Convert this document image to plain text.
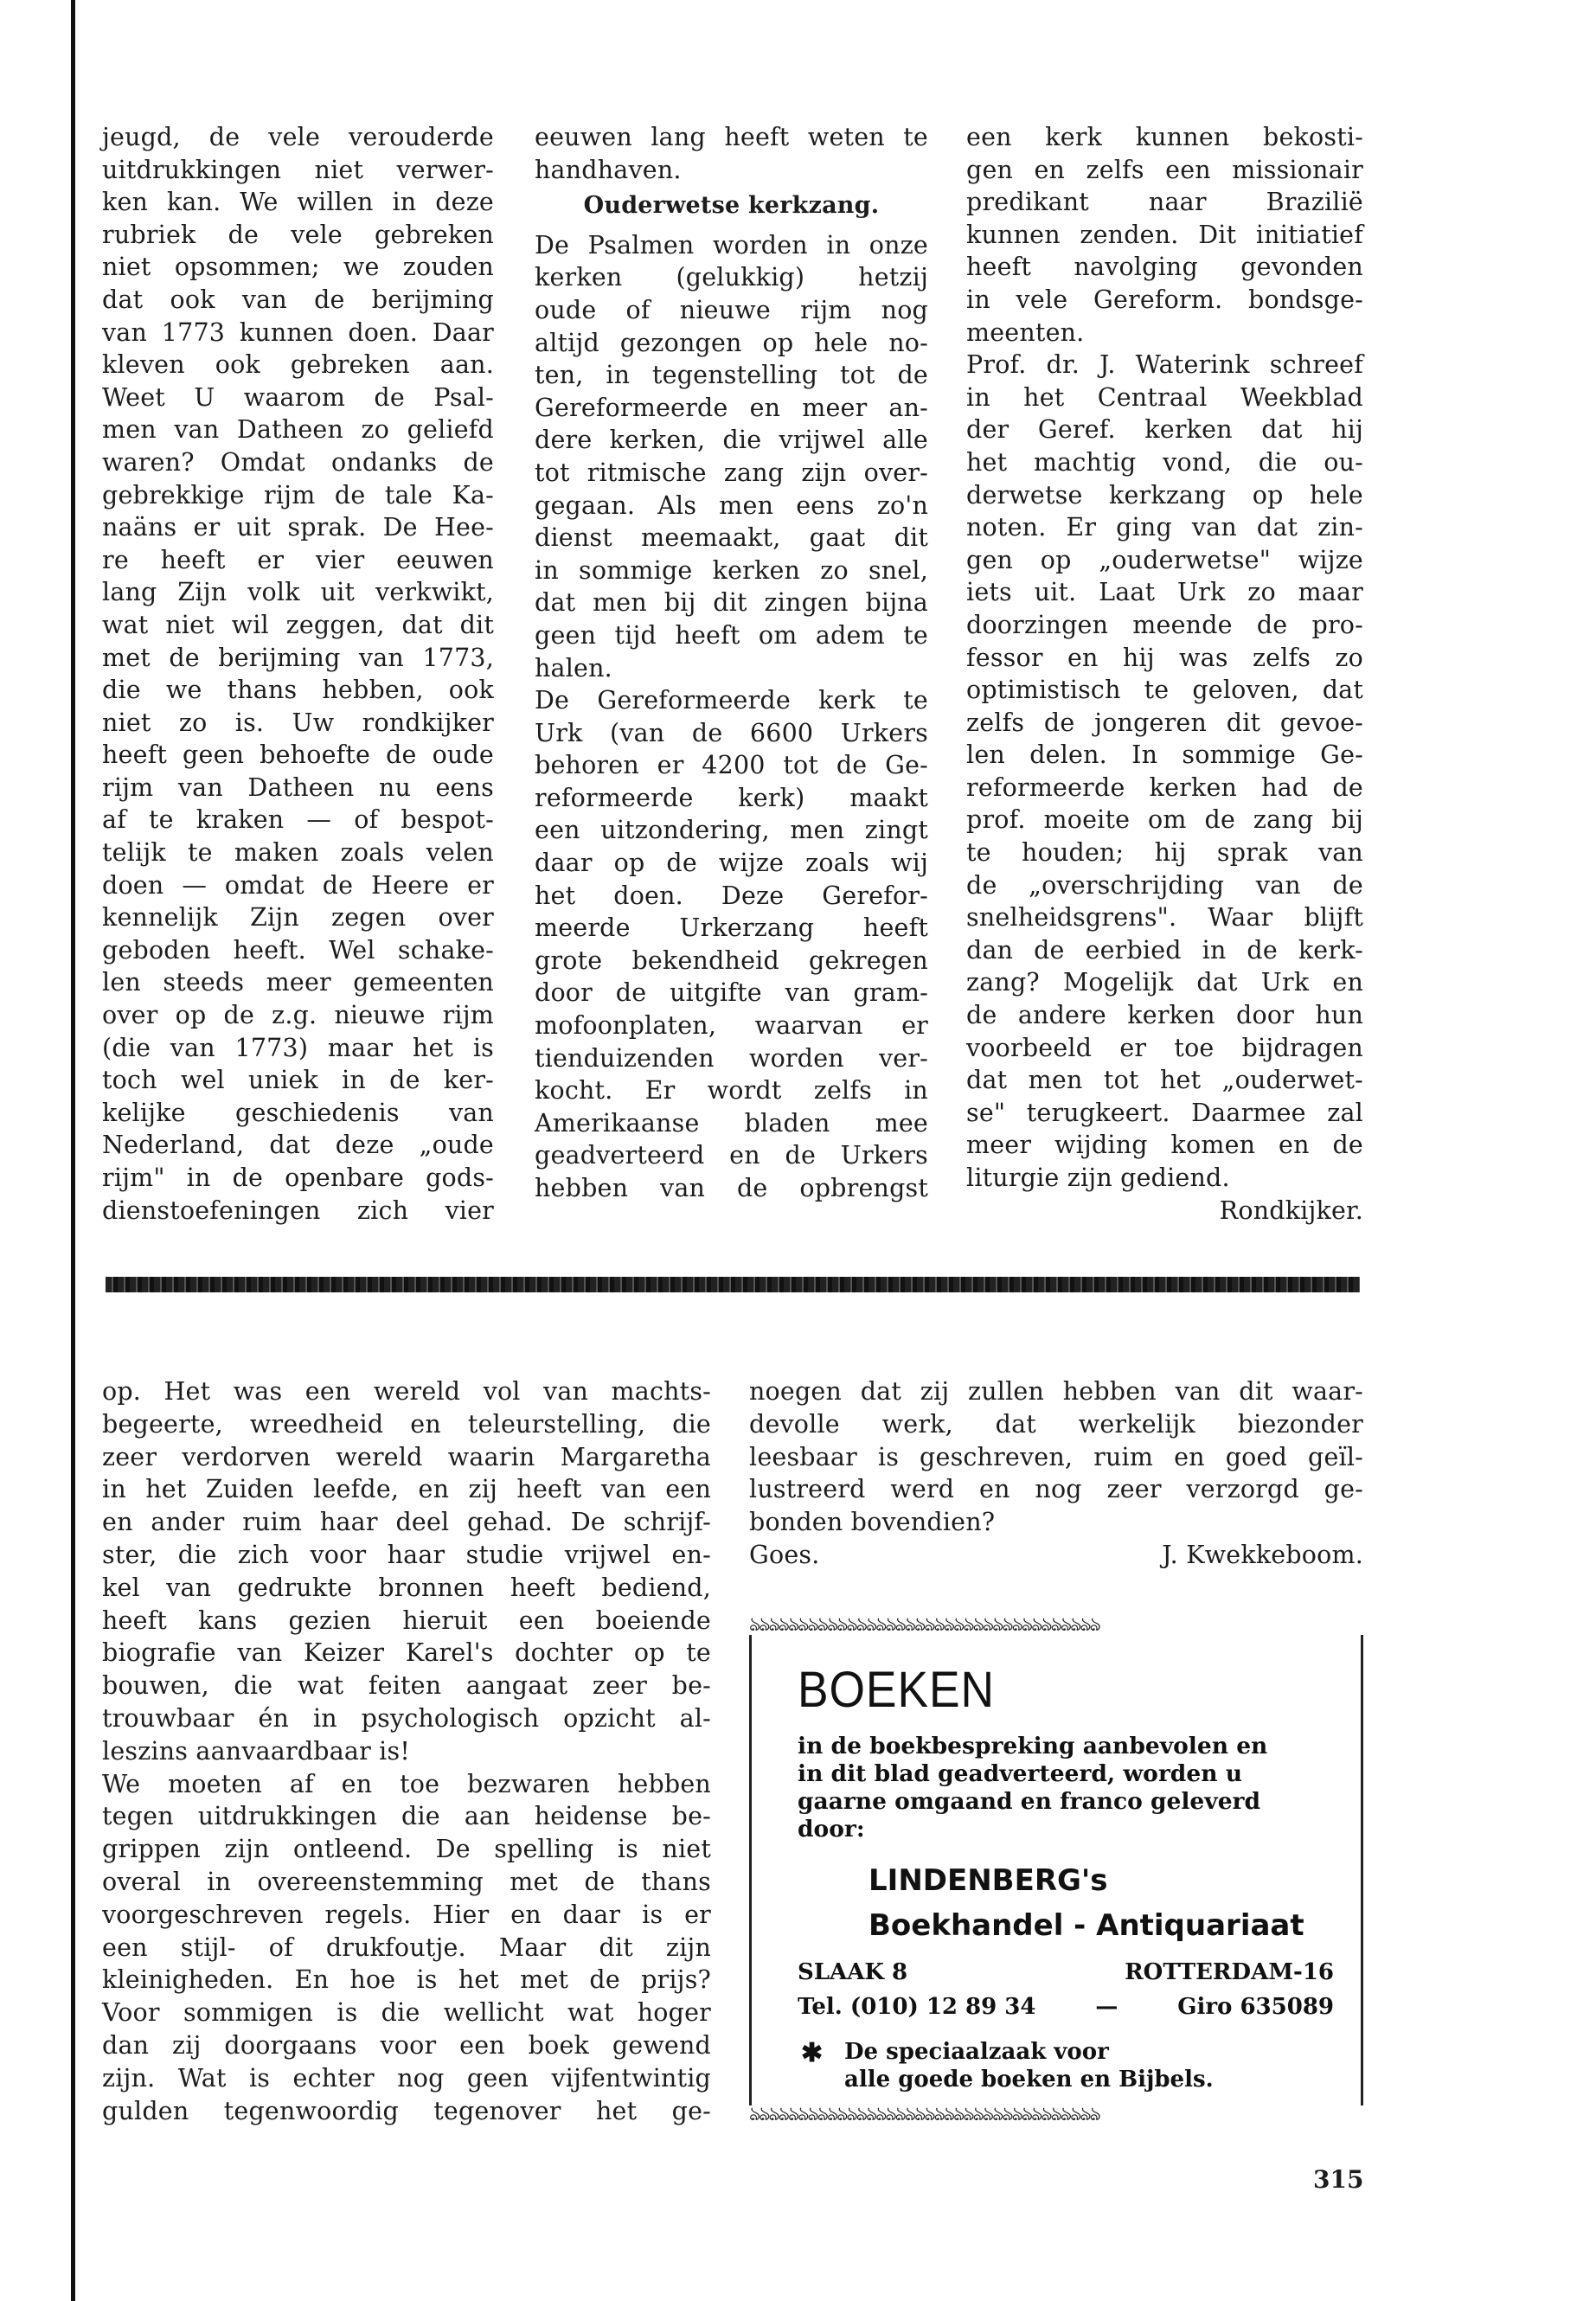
jeugd, de vele verouderde
uitdrukkingen niet verwer-
ken kan. We willen in deze
rubriek de vele gebreken
niet opsommen; we zouden
dat ook van de berijming
van 1773 kunnen doen. Daar
kleven ook gebreken aan.
Weet U waarom de Psal-
men van Datheen zo geliefd
waren? Omdat ondanks de
gebrekkige rijm de tale Ka-
naäns er uit sprak. De Hee-
re heeft er vier eeuwen
lang Zijn volk uit verkwikt,
wat niet wil zeggen, dat dit
met de berijming van 1773,
die we thans hebben, ook
niet zo is. Uw rondkijker
heeft geen behoefte de oude
rijm van Datheen nu eens
af te kraken — of bespot-
telijk te maken zoals velen
doen — omdat de Heere er
kennelijk Zijn zegen over
geboden heeft. Wel schake-
len steeds meer gemeenten
over op de z.g. nieuwe rijm
(die van 1773) maar het is
toch wel uniek in de ker-
kelijke geschiedenis van
Nederland, dat deze „oude
rijm" in de openbare gods-
dienstoefeningen zich vier
eeuwen lang heeft weten te
handhaven.
Ouderwetse kerkzang.
De Psalmen worden in onze
kerken (gelukkig) hetzij
oude of nieuwe rijm nog
altijd gezongen op hele no-
ten, in tegenstelling tot de
Gereformeerde en meer an-
dere kerken, die vrijwel alle
tot ritmische zang zijn over-
gegaan. Als men eens zo'n
dienst meemaakt, gaat dit
in sommige kerken zo snel,
dat men bij dit zingen bijna
geen tijd heeft om adem te
halen.
De Gereformeerde kerk te
Urk (van de 6600 Urkers
behoren er 4200 tot de Ge-
reformeerde kerk) maakt
een uitzondering, men zingt
daar op de wijze zoals wij
het doen. Deze Gerefor-
meerde Urkerzang heeft
grote bekendheid gekregen
door de uitgifte van gram-
mofoonplaten, waarvan er
tienduizenden worden ver-
kocht. Er wordt zelfs in
Amerikaanse bladen mee
geadverteerd en de Urkers
hebben van de opbrengst
een kerk kunnen bekosti-
gen en zelfs een missionair
predikant naar Brazilië
kunnen zenden. Dit initiatief
heeft navolging gevonden
in vele Gereform. bondsge-
meenten.
Prof. dr. J. Waterink schreef
in het Centraal Weekblad
der Geref. kerken dat hij
het machtig vond, die ou-
derwetse kerkzang op hele
noten. Er ging van dat zin-
gen op „ouderwetse" wijze
iets uit. Laat Urk zo maar
doorzingen meende de pro-
fessor en hij was zelfs zo
optimistisch te geloven, dat
zelfs de jongeren dit gevoe-
len delen. In sommige Ge-
reformeerde kerken had de
prof. moeite om de zang bij
te houden; hij sprak van
de „overschrijding van de
snelheidsgrens". Waar blijft
dan de eerbied in de kerk-
zang? Mogelijk dat Urk en
de andere kerken door hun
voorbeeld er toe bijdragen
dat men tot het „ouderwet-
se" terugkeert. Daarmee zal
meer wijding komen en de
liturgie zijn gediend.
Rondkijker.
op. Het was een wereld vol van machts-
begeerte, wreedheid en teleurstelling, die
zeer verdorven wereld waarin Margaretha
in het Zuiden leefde, en zij heeft van een
en ander ruim haar deel gehad. De schrijf-
ster, die zich voor haar studie vrijwel en-
kel van gedrukte bronnen heeft bediend,
heeft kans gezien hieruit een boeiende
biografie van Keizer Karel's dochter op te
bouwen, die wat feiten aangaat zeer be-
trouwbaar én in psychologisch opzicht al-
leszins aanvaardbaar is!
We moeten af en toe bezwaren hebben
tegen uitdrukkingen die aan heidense be-
grippen zijn ontleend. De spelling is niet
overal in overeenstemming met de thans
voorgeschreven regels. Hier en daar is er
een stijl- of drukfoutje. Maar dit zijn
kleinigheden. En hoe is het met de prijs?
Voor sommigen is die wellicht wat hoger
dan zij doorgaans voor een boek gewend
zijn. Wat is echter nog geen vijfentwintig
gulden tegenwoordig tegenover het ge-
noegen dat zij zullen hebben van dit waar-
devolle werk, dat werkelijk biezonder
leesbaar is geschreven, ruim en goed geïl-
lustreerd werd en nog zeer verzorgd ge-
bonden bovendien?
Goes.	J. Kwekkeboom.
ঌঌঌঌঌঌঌঌঌঌঌঌঌঌঌঌঌঌঌঌঌঌঌঌঌঌঌঌঌঌঌঌঌঌঌঌ
BOEKEN
in de boekbespreking aanbevolen en
in dit blad geadverteerd, worden u
gaarne omgaand en franco geleverd
door:
LINDENBERG's
Boekhandel - Antiquariaat
SLAAK 8	ROTTERDAM-16
Tel. (010) 12 89 34	—	Giro 635089
✱ De speciaalzaak voor
alle goede boeken en Bijbels.
ঌঌঌঌঌঌঌঌঌঌঌঌঌঌঌঌঌঌঌঌঌঌঌঌঌঌঌঌঌঌঌঌঌঌঌঌ
315
